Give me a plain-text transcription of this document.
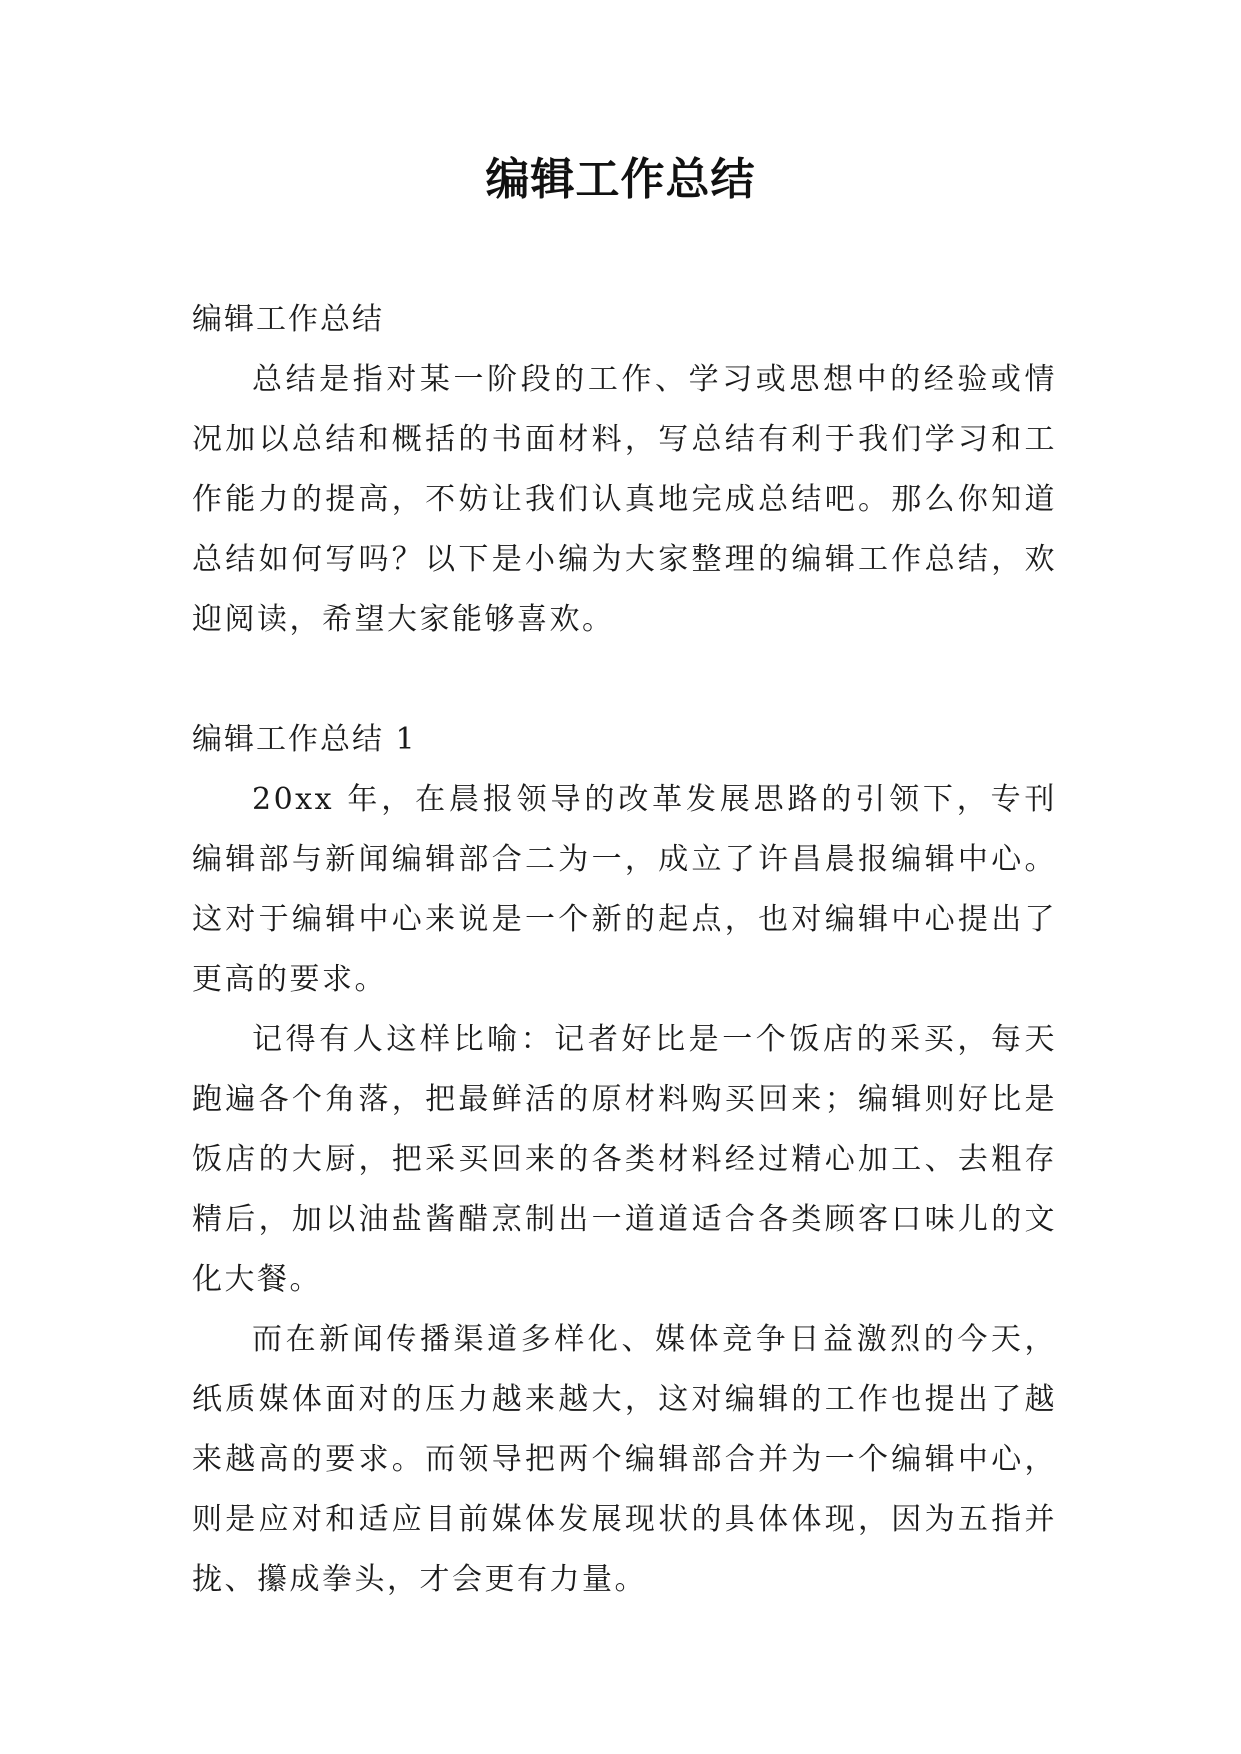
编辑工作总结

编辑工作总结

总结是指对某一阶段的工作、学习或思想中的经验或情况加以总结和概括的书面材料，写总结有利于我们学习和工作能力的提高，不妨让我们认真地完成总结吧。那么你知道总结如何写吗？以下是小编为大家整理的编辑工作总结，欢迎阅读，希望大家能够喜欢。

编辑工作总结 1

20xx 年，在晨报领导的改革发展思路的引领下，专刊编辑部与新闻编辑部合二为一，成立了许昌晨报编辑中心。这对于编辑中心来说是一个新的起点，也对编辑中心提出了更高的要求。

记得有人这样比喻：记者好比是一个饭店的采买，每天跑遍各个角落，把最鲜活的原材料购买回来；编辑则好比是饭店的大厨，把采买回来的各类材料经过精心加工、去粗存精后，加以油盐酱醋烹制出一道道适合各类顾客口味儿的文化大餐。

而在新闻传播渠道多样化、媒体竞争日益激烈的今天，纸质媒体面对的压力越来越大，这对编辑的工作也提出了越来越高的要求。而领导把两个编辑部合并为一个编辑中心，则是应对和适应目前媒体发展现状的具体体现，因为五指并拢、攥成拳头，才会更有力量。
